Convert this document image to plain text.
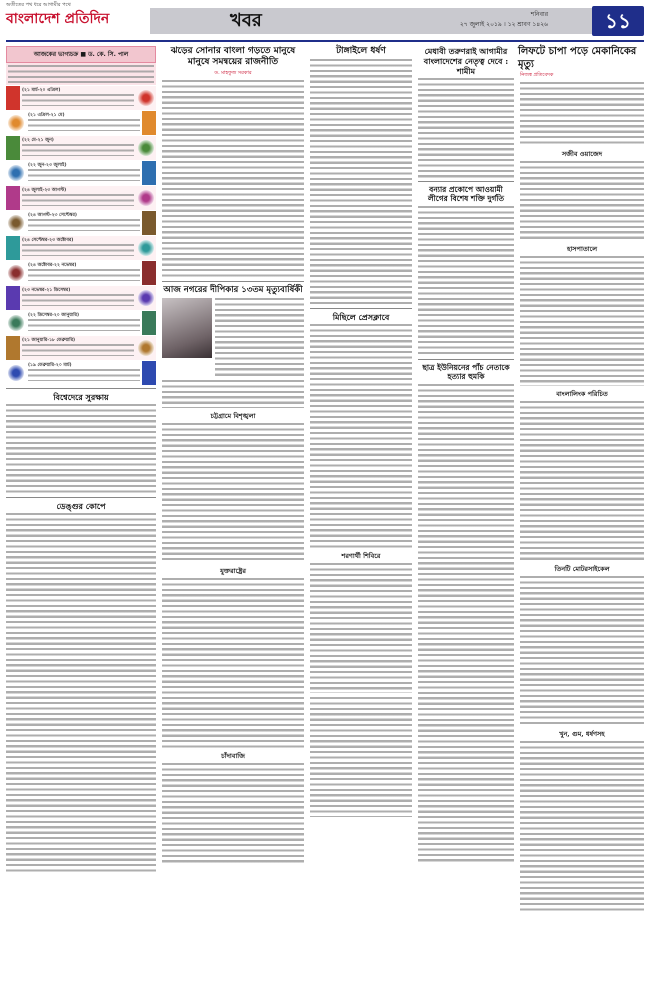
অতীতের পথ ধরে আগামীর পথে
বাংলাদেশ প্রতিদিন	খবর	শনিবার
২৭ জুলাই ২০১৯ । ১২ শ্রাবণ ১৪২৬	১১
আজকের ভাগ্যচক্র ■ ড. কে. সি. পাল
(২১ মার্চ-২০ এপ্রিল)
(২১ এপ্রিল-২১ মে)
(২২ মে-২১ জুন)
(২২ জুন-২৩ জুলাই)
(২৪ জুলাই-২৩ আগস্ট)
(২৪ আগস্ট-২৩ সেপ্টেম্বর)
(২৪ সেপ্টেম্বর-২৩ অক্টোবর)
(২৪ অক্টোবর-২২ নভেম্বর)
(২৩ নভেম্বর-২১ ডিসেম্বর)
(২২ ডিসেম্বর-২০ জানুয়ারি)
(২১ জানুয়ারি-১৮ ফেব্রুয়ারি)
(১৯ ফেব্রুয়ারি-২০ মার্চ)
বিশ্বেদেরে সুরক্ষায়
ডেঙ্গুর কোপে
ঝড়ের সোনার বাংলা গড়তে মানুষে মানুষে সমন্বয়ের রাজনীতি
ড. মাহফুজ সরকার
আজ নগরের দীপিকার ১৩তম মৃত্যুবার্ষিকী
চট্টগ্রামে বিশৃঙ্খলা
যুক্তরাষ্ট্রের
চাঁদাবাজি
টাঙ্গাইলে ধর্ষণ
মিছিলে প্রেসক্লাবে
শরণার্থী শিবিরে
মেধাবী তরুণরাই আগামীর বাংলাদেশের নেতৃত্ব দেবে : শামীম
বন্যার প্রকোপে আওয়ামী লীগের বিশেষ শক্তি দুর্গতি
ছাত্র ইউনিয়নের পাঁচ নেতাকে হত্যার হুমকি
লিফটে চাপা পড়ে মেকানিকের মৃত্যু
নিজস্ব প্রতিবেদক
সজীব ওয়াজেদ
হাসপাতালে
বাংলালিংক পরিচিত
তিনটি মোটরসাইকেল
খুন, গুম, ধর্ষণসহ
